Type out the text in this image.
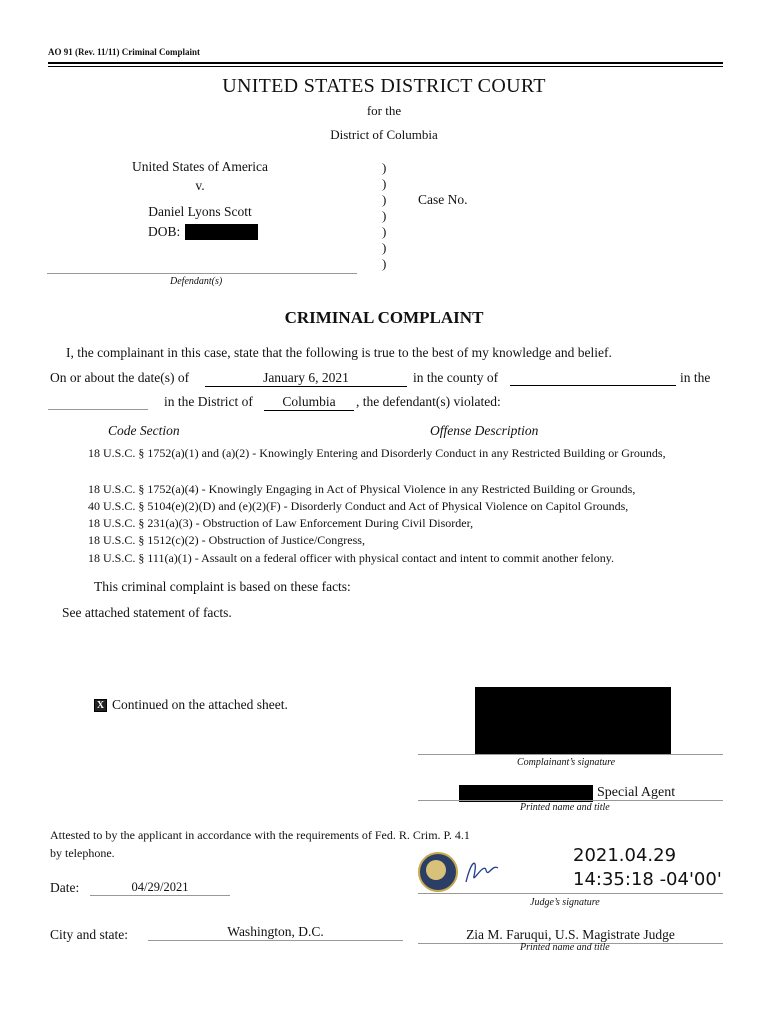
AO 91 (Rev. 11/11) Criminal Complaint
UNITED STATES DISTRICT COURT
for the
District of Columbia
United States of America
v.
Daniel Lyons Scott
DOB:
Defendant(s)
)
)
)
)
)
)
)
Case No.
CRIMINAL COMPLAINT
I, the complainant in this case, state that the following is true to the best of my knowledge and belief.
On or about the date(s) of	January 6, 2021	in the county of	in the
in the District of	Columbia	, the defendant(s) violated:
Code Section	Offense Description
18 U.S.C. § 1752(a)(1) and (a)(2) - Knowingly Entering and Disorderly Conduct in any Restricted Building or Grounds,
18 U.S.C. § 1752(a)(4) - Knowingly Engaging in Act of Physical Violence in any Restricted Building or Grounds,
40 U.S.C. § 5104(e)(2)(D) and (e)(2)(F) - Disorderly Conduct and Act of Physical Violence on Capitol Grounds,
18 U.S.C. § 231(a)(3) - Obstruction of Law Enforcement During Civil Disorder,
18 U.S.C. § 1512(c)(2) - Obstruction of Justice/Congress,
18 U.S.C. § 111(a)(1) - Assault on a federal officer with physical contact and intent to commit another felony.
This criminal complaint is based on these facts:
See attached statement of facts.
X Continued on the attached sheet.
Complainant’s signature
Special Agent
Printed name and title
Attested to by the applicant in accordance with the requirements of Fed. R. Crim. P. 4.1
by telephone.
Date:	04/29/2021
2021.04.29
14:35:18 -04'00'
Judge’s signature
City and state:	Washington, D.C.	Zia M. Faruqui, U.S. Magistrate Judge
Printed name and title
